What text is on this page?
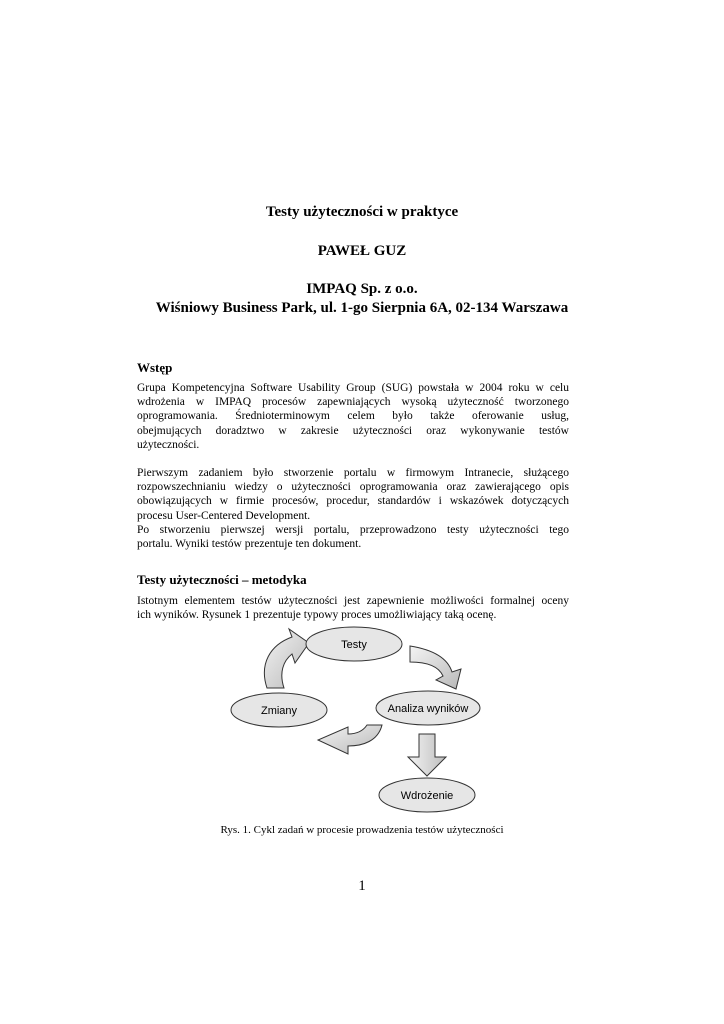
Testy użyteczności w praktyce
PAWEŁ GUZ
IMPAQ Sp. z o.o.
Wiśniowy Business Park, ul. 1-go Sierpnia 6A, 02-134 Warszawa
Wstęp
Grupa Kompetencyjna Software Usability Group (SUG) powstała w 2004 roku w celu
wdrożenia w IMPAQ procesów zapewniających wysoką użyteczność tworzonego
oprogramowania. Średnioterminowym celem było także oferowanie usług,
obejmujących doradztwo w zakresie użyteczności oraz wykonywanie testów
użyteczności.
Pierwszym zadaniem było stworzenie portalu w firmowym Intranecie, służącego
rozpowszechnianiu wiedzy o użyteczności oprogramowania oraz zawierającego opis
obowiązujących w firmie procesów, procedur, standardów i wskazówek dotyczących
procesu User-Centered Development.
Po stworzeniu pierwszej wersji portalu, przeprowadzono testy użyteczności tego
portalu. Wyniki testów prezentuje ten dokument.
Testy użyteczności – metodyka
Istotnym elementem testów użyteczności jest zapewnienie możliwości formalnej oceny
ich wyników. Rysunek 1 prezentuje typowy proces umożliwiający taką ocenę.
Testy
Zmiany	Analiza wyników
Wdrożenie
Rys. 1. Cykl zadań w procesie prowadzenia testów użyteczności
1
